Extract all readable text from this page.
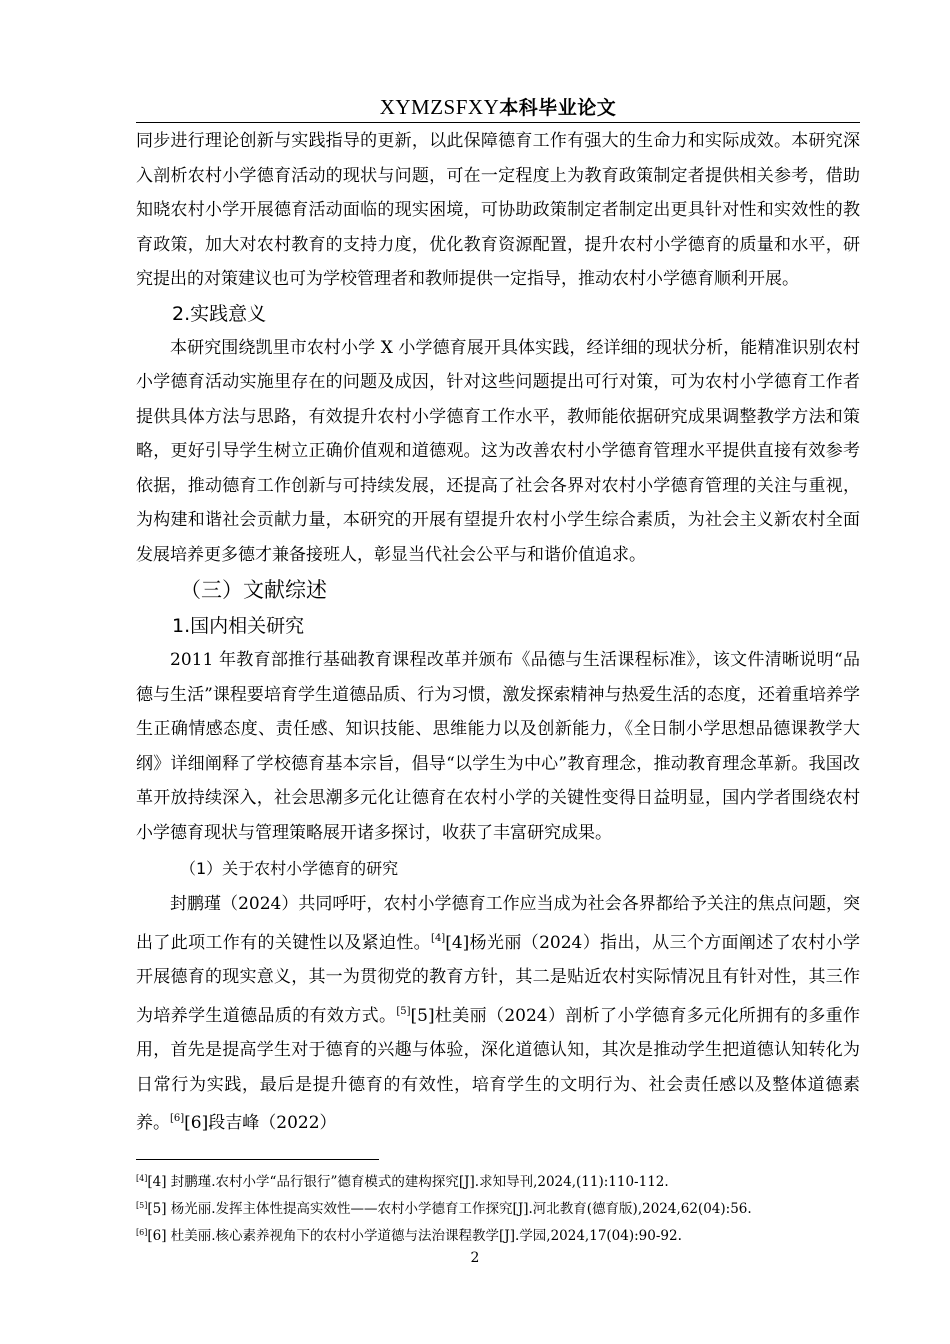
XYMZSFXY本科毕业论文

同步进行理论创新与实践指导的更新，以此保障德育工作有强大的生命力和实际成效。本研究深入剖析农村小学德育活动的现状与问题，可在一定程度上为教育政策制定者提供相关参考，借助知晓农村小学开展德育活动面临的现实困境，可协助政策制定者制定出更具针对性和实效性的教育政策，加大对农村教育的支持力度，优化教育资源配置，提升农村小学德育的质量和水平，研究提出的对策建议也可为学校管理者和教师提供一定指导，推动农村小学德育顺利开展。

2.实践意义

本研究围绕凯里市农村小学 X 小学德育展开具体实践，经详细的现状分析，能精准识别农村小学德育活动实施里存在的问题及成因，针对这些问题提出可行对策，可为农村小学德育工作者提供具体方法与思路，有效提升农村小学德育工作水平，教师能依据研究成果调整教学方法和策略，更好引导学生树立正确价值观和道德观。这为改善农村小学德育管理水平提供直接有效参考依据，推动德育工作创新与可持续发展，还提高了社会各界对农村小学德育管理的关注与重视，为构建和谐社会贡献力量，本研究的开展有望提升农村小学生综合素质，为社会主义新农村全面发展培养更多德才兼备接班人，彰显当代社会公平与和谐价值追求。

（三）文献综述
1.国内相关研究

2011 年教育部推行基础教育课程改革并颁布《品德与生活课程标准》，该文件清晰说明“品德与生活”课程要培育学生道德品质、行为习惯，激发探索精神与热爱生活的态度，还着重培养学生正确情感态度、责任感、知识技能、思维能力以及创新能力，《全日制小学思想品德课教学大纲》详细阐释了学校德育基本宗旨，倡导“以学生为中心”教育理念，推动教育理念革新。我国改革开放持续深入，社会思潮多元化让德育在农村小学的关键性变得日益明显，国内学者围绕农村小学德育现状与管理策略展开诸多探讨，收获了丰富研究成果。

（1）关于农村小学德育的研究

封鹏瑾（2024）共同呼吁，农村小学德育工作应当成为社会各界都给予关注的焦点问题，突出了此项工作有的关键性以及紧迫性。[4][4]杨光丽（2024）指出，从三个方面阐述了农村小学开展德育的现实意义，其一为贯彻党的教育方针，其二是贴近农村实际情况且有针对性，其三作为培养学生道德品质的有效方式。[5][5]杜美丽（2024）剖析了小学德育多元化所拥有的多重作用，首先是提高学生对于德育的兴趣与体验，深化道德认知，其次是推动学生把道德认知转化为日常行为实践，最后是提升德育的有效性，培育学生的文明行为、社会责任感以及整体道德素养。[6][6]段吉峰（2022）

[4][4] 封鹏瑾.农村小学“品行银行”德育模式的建构探究[J].求知导刊,2024,(11):110-112.

[5][5] 杨光丽.发挥主体性提高实效性——农村小学德育工作探究[J].河北教育(德育版),2024,62(04):56.

[6][6] 杜美丽.核心素养视角下的农村小学道德与法治课程教学[J].学园,2024,17(04):90-92.

2
